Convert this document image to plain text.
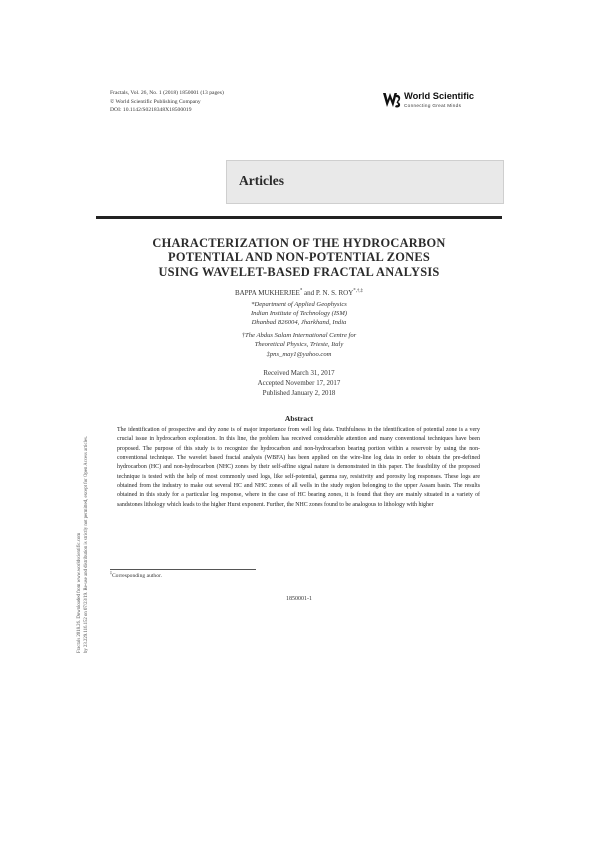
Fractals, Vol. 26, No. 1 (2018) 1850001 (13 pages)
© World Scientific Publishing Company
DOI: 10.1142/S0218348X18500019
World Scientific
Connecting Great Minds
Articles
Fractals 2018.26. Downloaded from www.worldscientific.com by 23.229.116.152 on 07/23/19. Re-use and distribution is strictly not permitted, except for Open Access articles.
CHARACTERIZATION OF THE HYDROCARBON
POTENTIAL AND NON-POTENTIAL ZONES
USING WAVELET-BASED FRACTAL ANALYSIS
BAPPA MUKHERJEE* and P. N. S. ROY*,†,‡
*Department of Applied Geophysics
Indian Institute of Technology (ISM)
Dhanbad 826004, Jharkhand, India
†The Abdus Salam International Centre for
Theoretical Physics, Trieste, Italy
‡pns_may1@yahoo.com
Received March 31, 2017
Accepted November 17, 2017
Published January 2, 2018
Abstract
The identification of prospective and dry zone is of major importance from well log data. Truthfulness in the identification of potential zone is a very crucial issue in hydrocarbon exploration. In this line, the problem has received considerable attention and many conventional techniques have been proposed. The purpose of this study is to recognize the hydrocarbon and non-hydrocarbon bearing portion within a reservoir by using the non-conventional technique. The wavelet based fractal analysis (WBFA) has been applied on the wire-line log data in order to obtain the pre-defined hydrocarbon (HC) and non-hydrocarbon (NHC) zones by their self-affine signal nature is demonstrated in this paper. The feasibility of the proposed technique is tested with the help of most commonly used logs, like self-potential, gamma ray, resistivity and porosity log responses. These logs are obtained from the industry to make out several HC and NHC zones of all wells in the study region belonging to the upper Assam basin. The results obtained in this study for a particular log response, where in the case of HC bearing zones, it is found that they are mainly situated in a variety of sandstones lithology which leads to the higher Hurst exponent. Further, the NHC zones found to be analogous to lithology with higher
‡Corresponding author.
1850001-1
